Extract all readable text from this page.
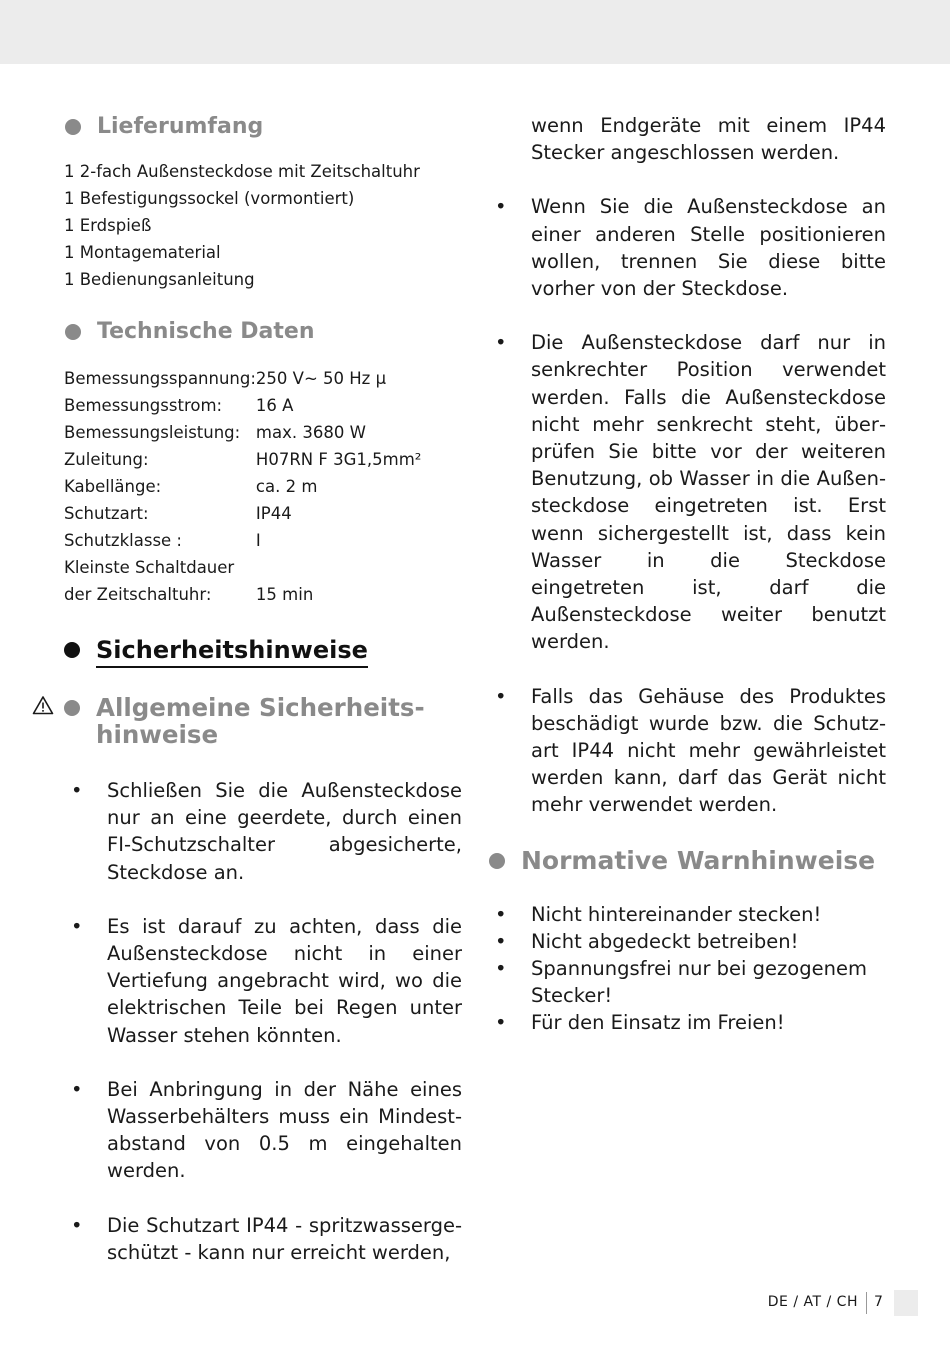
Lieferumfang
1 2-fach Außensteckdose mit Zeitschaltuhr
1 Befestigungssockel (vormontiert)
1 Erdspieß
1 Montagematerial
1 Bedienungsanleitung
Technische Daten
Bemessungsspannung:	250 V~ 50 Hz µ
Bemessungsstrom:	16 A
Bemessungsleistung:	max. 3680 W
Zuleitung:	H07RN F 3G1,5mm²
Kabellänge:	ca. 2 m
Schutzart:	IP44
Schutzklasse :	I
Kleinste Schaltdauer	
der Zeitschaltuhr:	15 min
Sicherheitshinweise
Allgemeine Sicherheits-
hinweise
• Schließen Sie die Außensteckdose nur an eine geerdete, durch einen FI-Schutzschalter abgesicherte, Steckdose an.
• Es ist darauf zu achten, dass die Außensteckdose nicht in einer Vertiefung angebracht wird, wo die elektrischen Teile bei Regen unter Wasser stehen könnten.
• Bei Anbringung in der Nähe eines Wasserbehälters muss ein Mindestabstand von 0.5 m eingehalten werden.
• Die Schutzart IP44 - spritzwassergeschützt - kann nur erreicht werden,
wenn Endgeräte mit einem IP44 Stecker angeschlossen werden.
• Wenn Sie die Außensteckdose an einer anderen Stelle positionieren wollen, trennen Sie diese bitte vorher von der Steckdose.
• Die Außensteckdose darf nur in senkrechter Position verwendet werden. Falls die Außensteckdose nicht mehr senkrecht steht, überprüfen Sie bitte vor der weiteren Benutzung, ob Wasser in die Außensteckdose eingetreten ist. Erst wenn sichergestellt ist, dass kein Wasser in die Steckdose eingetreten ist, darf die Außensteckdose weiter benutzt werden.
• Falls das Gehäuse des Produktes beschädigt wurde bzw. die Schutzart IP44 nicht mehr gewährleistet werden kann, darf das Gerät nicht mehr verwendet werden.
Normative Warnhinweise
• Nicht hintereinander stecken!
• Nicht abgedeckt betreiben!
• Spannungsfrei nur bei gezogenem Stecker!
• Für den Einsatz im Freien!
DE / AT / CH 7
